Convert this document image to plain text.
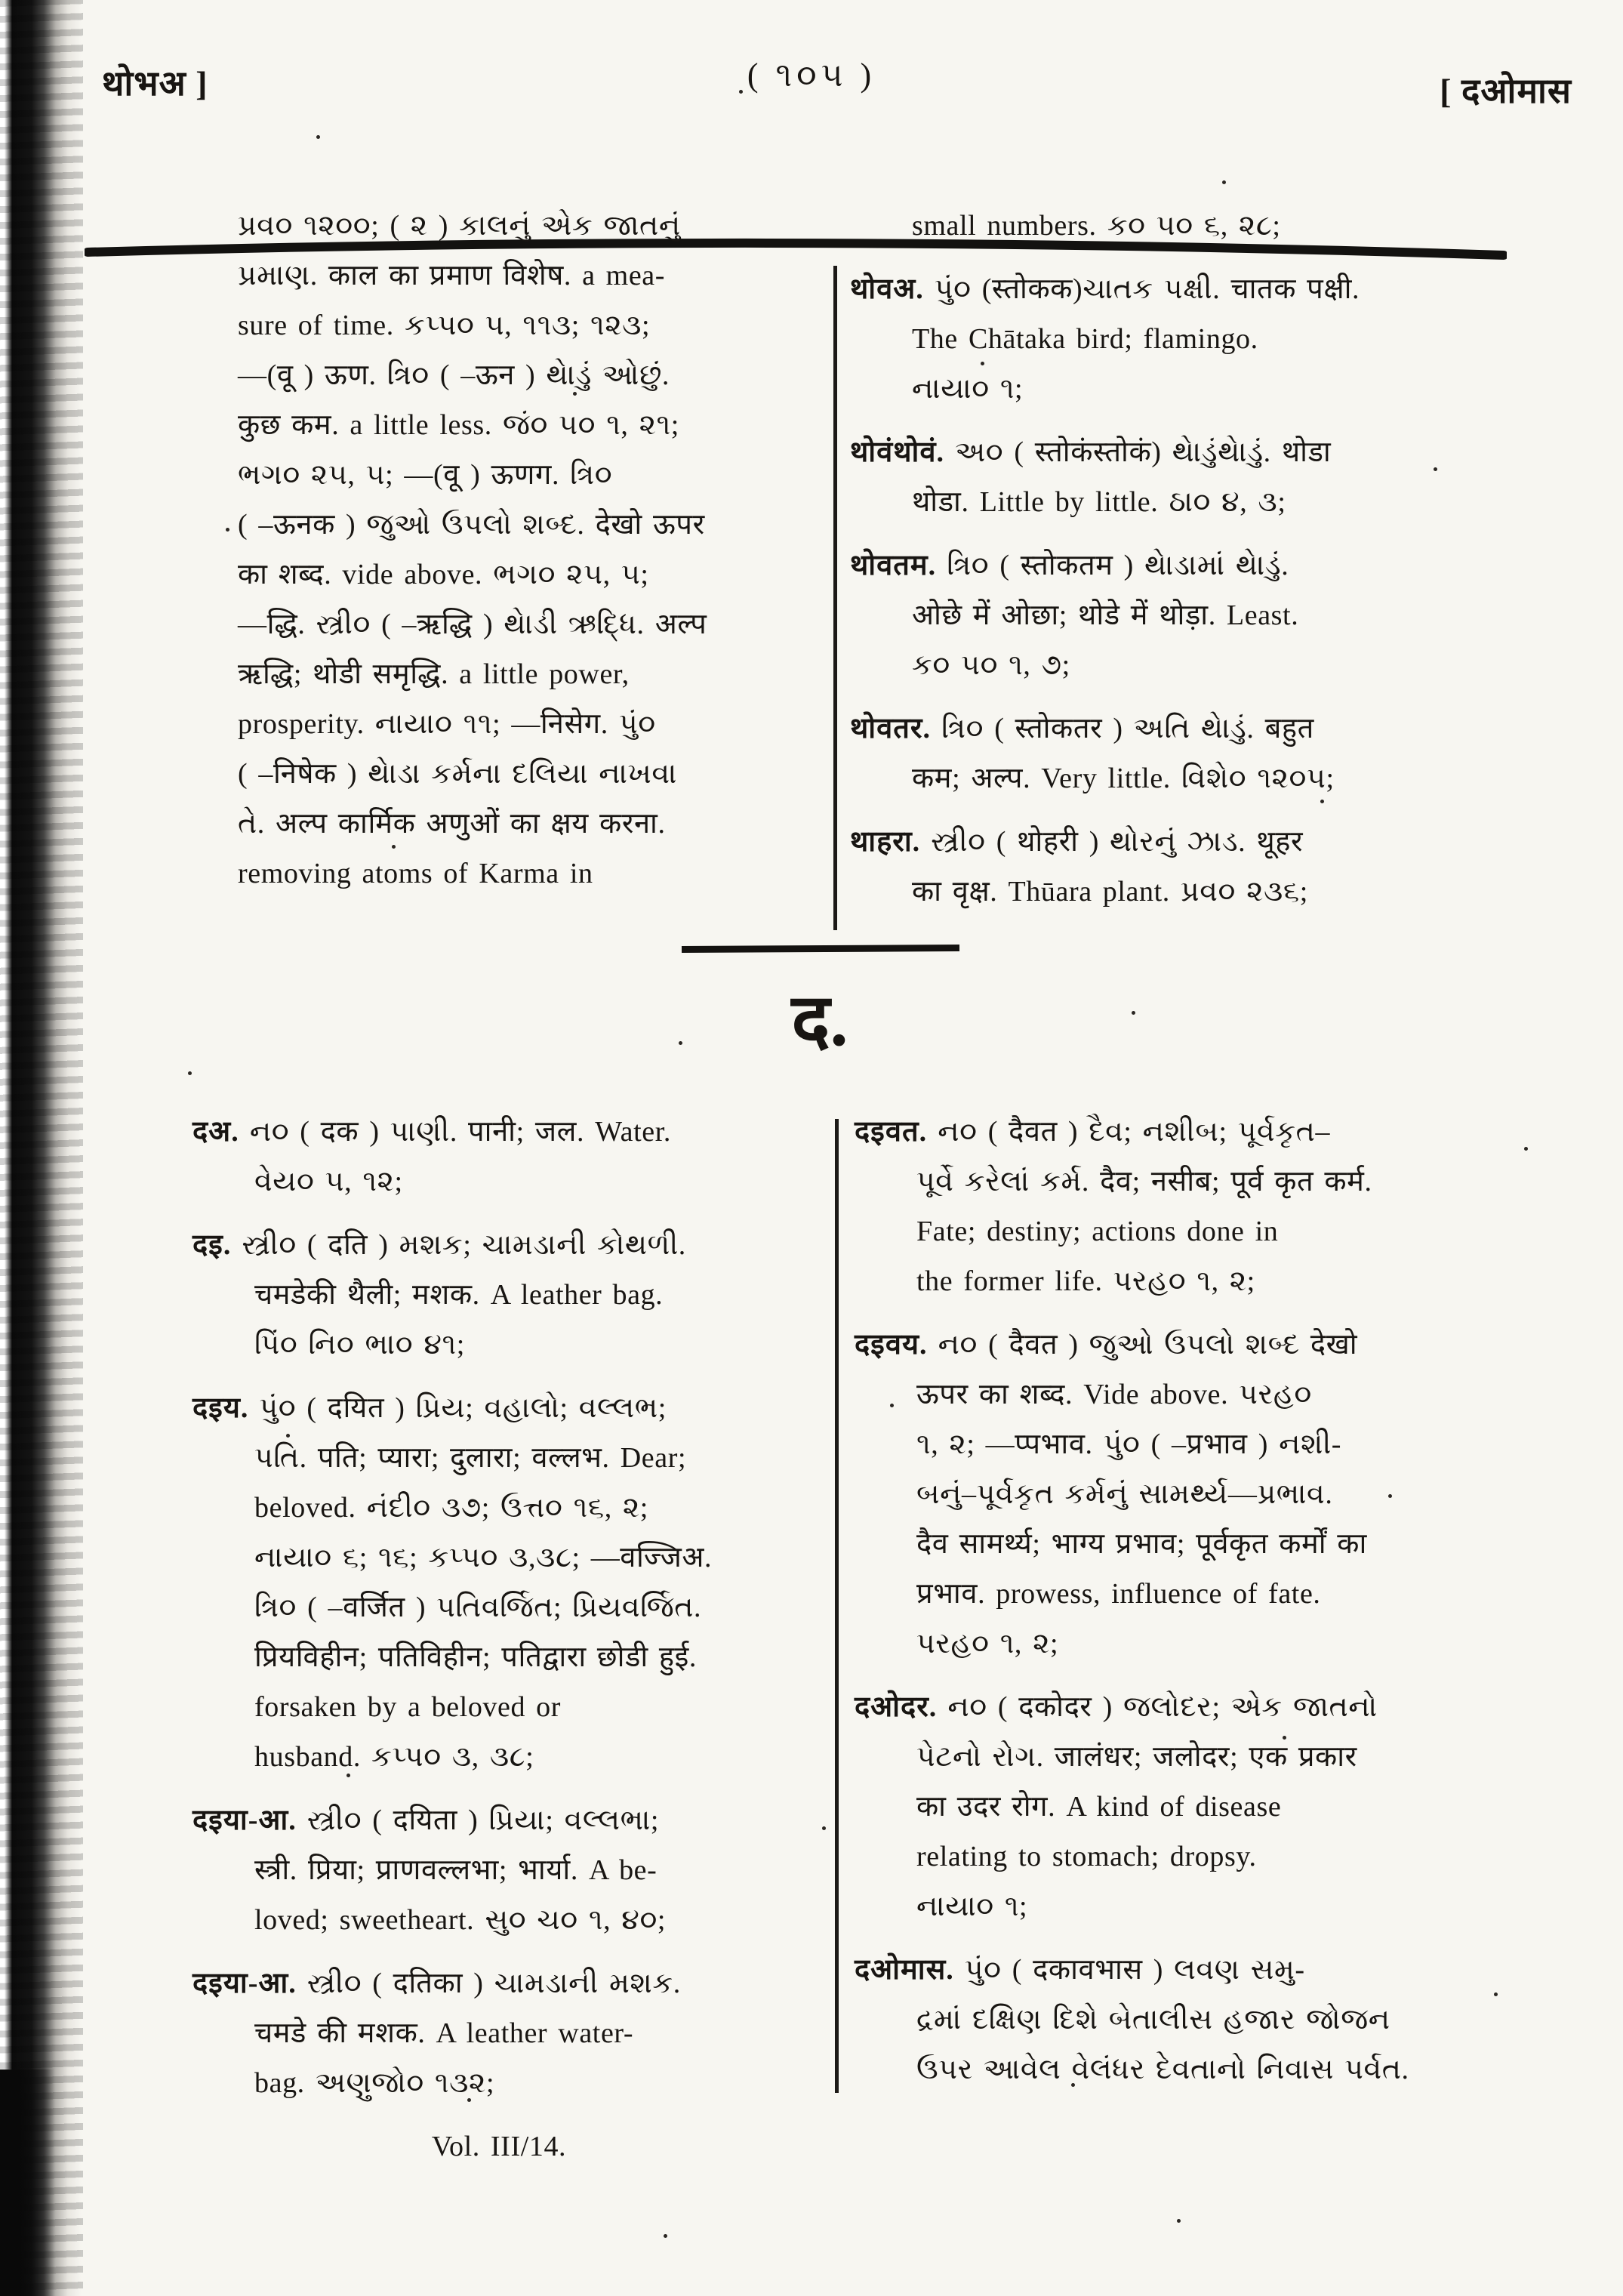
थोभअ ]	( ૧૦૫ )	[ दओमास
પ્રવ૦ ૧૨૦૦; ( ૨ ) કાલનું એક જાતનું
પ્રમાણ. काल का प्रमाण विशेष. a mea-
sure of time. કપ્પ૦ ૫, ૧૧૩; ૧૨૩;
—(वू ) ऊण. ત્રિ૦ ( –ऊन ) થેાડું ઓછું.
कुछ कम. a little less. જં૦ ૫૦ ૧, ૨૧;
ભગ૦ ૨૫, ૫; —(वू ) ऊणग. ત્રિ૦
( –ऊनक ) જુઓ ઉપલો શબ્દ. देखो ऊपर
का शब्द. vide above. ભગ૦ ૨૫, ૫;
—द्धि. સ્ત્રી૦ ( –ऋद्धि ) થેાડી ઋદ્ધિ. अल्प
ऋद्धि; थोडी समृद्धि. a little power,
prosperity. નાયા૦ ૧૧; —निसेग. પું૦
( –निषेक ) થેાડા કર્મના દલિયા નાખવા
તે. अल्प कार्मिक अणुओं का क्षय करना.
removing atoms of Karma in
small numbers. ક૦ ૫૦ ૬, ૨૮;
थोवअ. પું૦ (स्तोकक)ચાતક પક્ષી. चातक पक्षी.
The Chātaka bird; flamingo.
નાયા૦ ૧;
थोवंथोवं. અ૦ ( स्तोकंस्तोकं) થેાડુંથેાડું. थोडा
थोडा. Little by little. ઠા૦ ૪, ૩;
थोवतम. ત્રિ૦ ( स्तोकतम ) થેાડામાં થેાડું.
ओछे में ओछा; थोडे में थोड़ा. Least.
ક૦ ૫૦ ૧, ૭;
थोवतर. ત્રિ૦ ( स्तोकतर ) અતિ થેાડું. बहुत
कम; अल्प. Very little. વિશે૦ ૧૨૦૫;
थाहरा. સ્ત્રી૦ ( थोहरी ) થોરનું ઝાડ. थूहर
का वृक्ष. Thūara plant. પ્રવ૦ ૨૩૬;
द.
दअ. ન૦ ( दक ) પાણી. पानी; जल. Water.
વેય૦ ૫, ૧૨;
दइ. સ્ત્રી૦ ( दति ) મશક; ચામડાની કોથળી.
चमडेकी थैली; मशक. A leather bag.
પિં૦ નિ૦ ભા૦ ૪૧;
दइय. પું૦ ( दयित ) પ્રિય; વહાલો; વલ્લભ;
પતિ. पति; प्यारा; दुलारा; वल्लभ. Dear;
beloved. નંદી૦ ૩૭; ઉત્ત૦ ૧૬, ૨;
નાયા૦ ૬; ૧૬; કપ્પ૦ ૩,૩૮; —वज्जिअ.
ત્રિ૦ ( –वर्जित ) પતિવર્જિત; પ્રિયવર્જિત.
प्रियविहीन; पतिविहीन; पतिद्वारा छोडी हुई.
forsaken by a beloved or
husband. કપ્પ૦ ૩, ૩૮;
दइया-आ. સ્ત્રી૦ ( दयिता ) પ્રિયા; વલ્લભા;
स्त्री. प्रिया; प्राणवल्लभा; भार्या. A be-
loved; sweetheart. સુ૦ ચ૦ ૧, ૪૦;
दइया-आ. સ્ત્રી૦ ( दतिका ) ચામડાની મશક.
चमडे की मशक. A leather water-
bag. અણુજો૦ ૧૩૨;
Vol. III/14.
दइवत. ન૦ ( दैवत ) દૈવ; નશીબ; પૂર્વકૃત–
પૂર્વે કરેલાં કર્મ. दैव; नसीब; पूर्व कृत कर्म.
Fate; destiny; actions done in
the former life. પરહ૦ ૧, ૨;
दइवय. ન૦ ( दैवत ) જુઓ ઉપલો શબ્દ देखो
ऊपर का शब्द. Vide above. પરહ૦
૧, ૨; —प्पभाव. પું૦ ( –प्रभाव ) નશી-
બનું–પૂર્વકૃત કર્મનું સામર્થ્ય—પ્રભાવ.
दैव सामर्थ्य; भाग्य प्रभाव; पूर्वकृत कर्मों का
प्रभाव. prowess, influence of fate.
પરહ૦ ૧, ૨;
दओदर. ન૦ ( दकोदर ) જલોદર; એક જાતનો
પેટનો રોગ. जालंधर; जलोदर; एक प्रकार
का उदर रोग. A kind of disease
relating to stomach; dropsy.
નાયા૦ ૧;
दओमास. પું૦ ( दकावभास ) લવણ સમુ-
દ્રમાં દક્ષિણ દિશે બેતાલીસ હજાર જોજન
ઉપર આવેલ વેલંધર દેવતાનો નિવાસ પર્વત.
